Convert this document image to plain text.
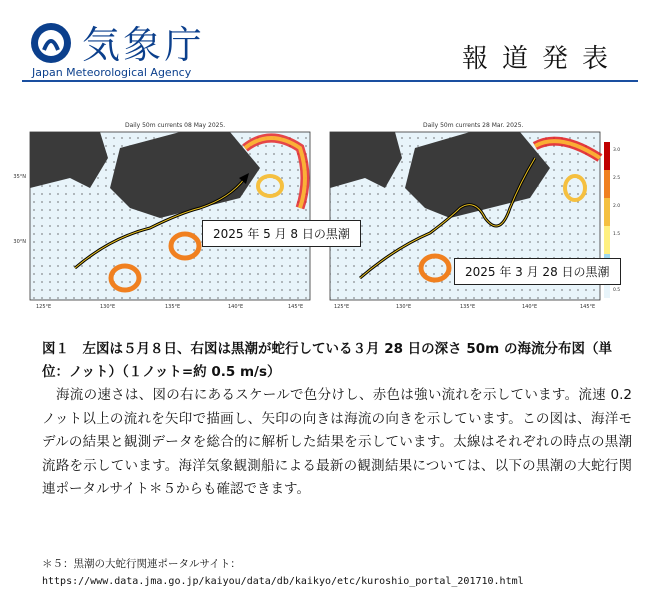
気象庁
Japan Meteorological Agency	報道発表
35°N
30°N
3.0
2.5
2.0
1.5
0.5
125°E	130°E	135°E	140°E	145°E	125°E	130°E	135°E	140°E	145°E
Daily 50m currents 08 May 2025.	Daily 50m currents 28 Mar. 2025.
2025 年 5 月 8 日の黒潮
2025 年 3 月 28 日の黒潮
図１　左図は５月８日、右図は黒潮が蛇行している３月 28 日の深さ 50m の海流分布図（単位：ノット）（１ノット=約 0.5 m/s）
海流の速さは、図の右にあるスケールで色分けし、赤色は強い流れを示しています。流速 0.2 ノット以上の流れを矢印で描画し、矢印の向きは海流の向きを示しています。この図は、海洋モデルの結果と観測データを総合的に解析した結果を示しています。太線はそれぞれの時点の黒潮流路を示しています。海洋気象観測船による最新の観測結果については、以下の黒潮の大蛇行関連ポータルサイト＊５からも確認できます。
＊５：黒潮の大蛇行関連ポータルサイト：
https://www.data.jma.go.jp/kaiyou/data/db/kaikyo/etc/kuroshio_portal_201710.html
